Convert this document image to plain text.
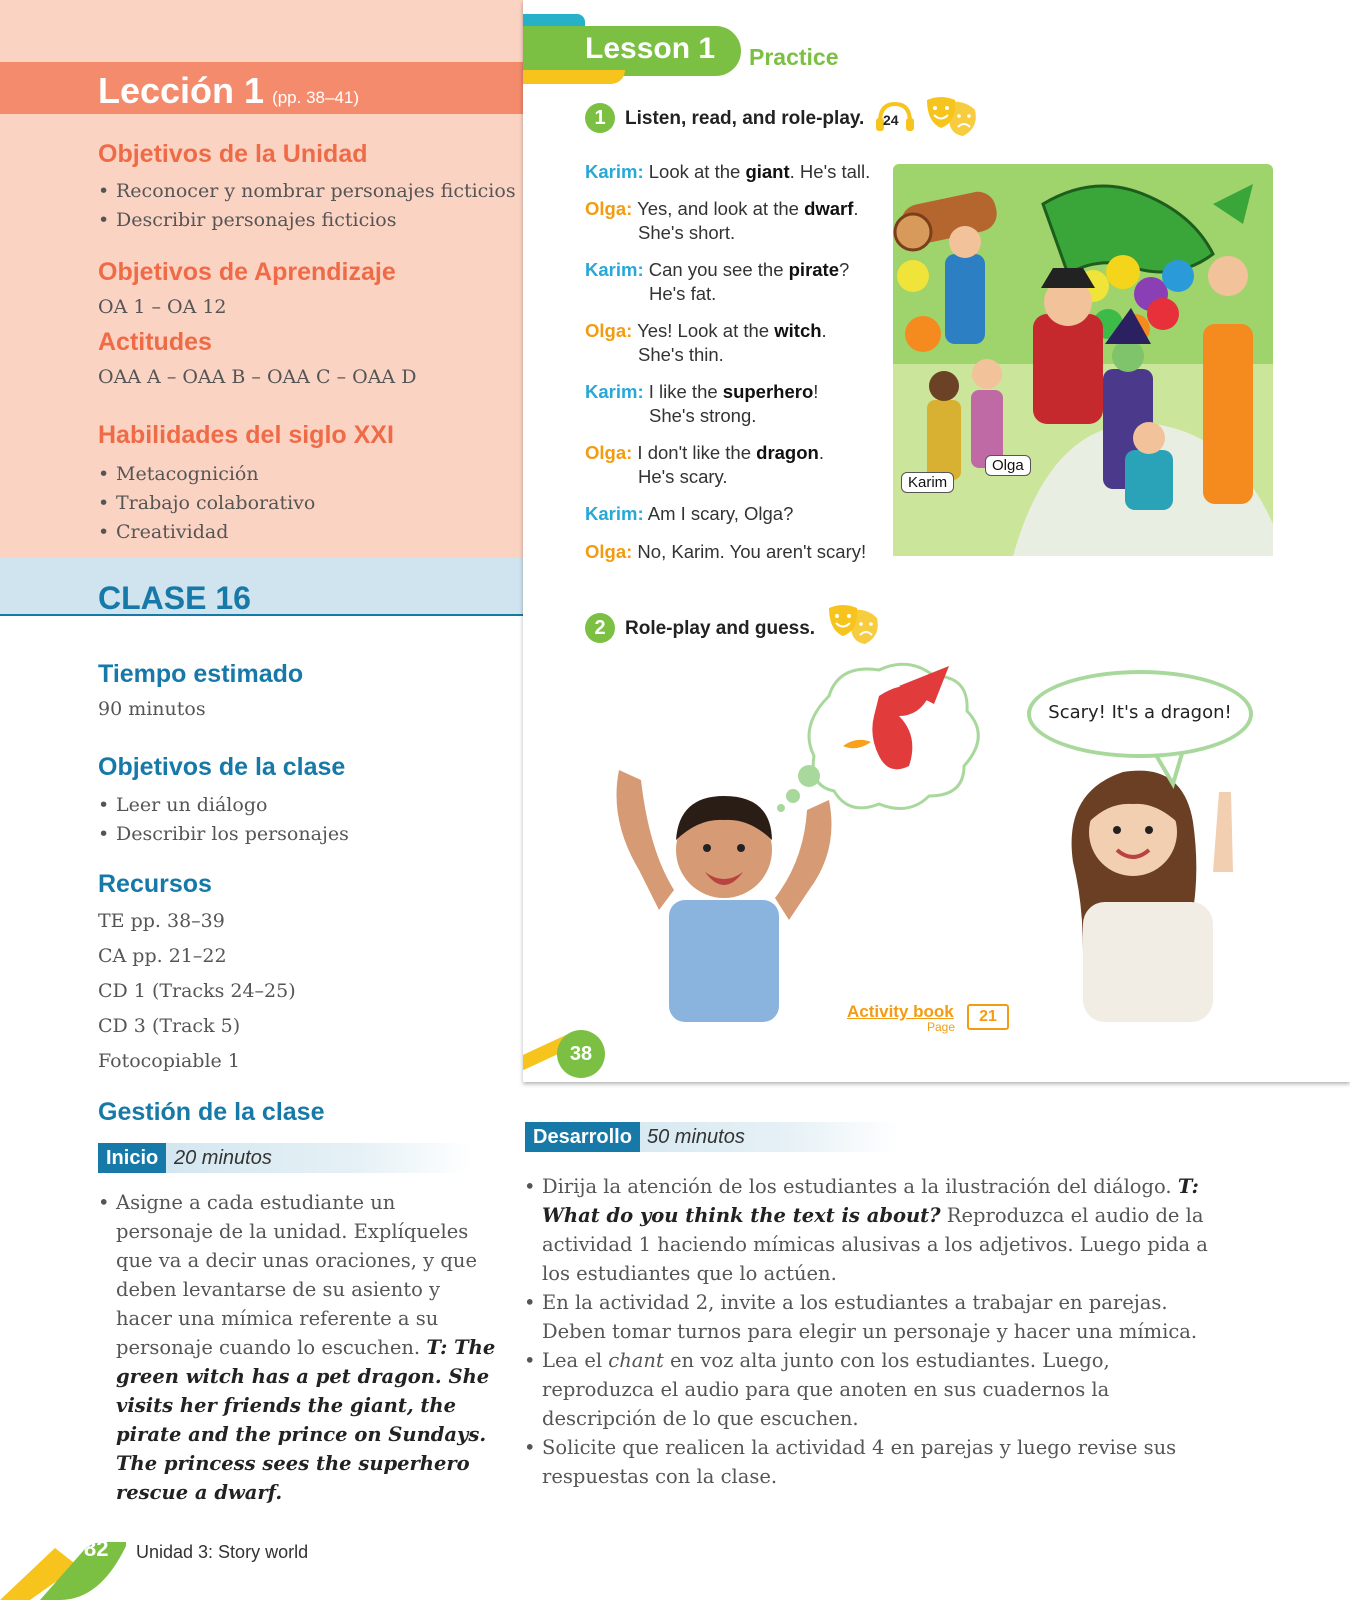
Lección 1 (pp. 38–41)
Objetivos de la Unidad
• Reconocer y nombrar personajes ficticios
• Describir personajes ficticios
Objetivos de Aprendizaje
OA 1 – OA 12
Actitudes
OAA A – OAA B – OAA C – OAA D
Habilidades del siglo XXI
• Metacognición
• Trabajo colaborativo
• Creatividad
CLASE 16
Tiempo estimado
90 minutos
Objetivos de la clase
• Leer un diálogo
• Describir los personajes
Recursos
TE pp. 38–39
CA pp. 21–22
CD 1 (Tracks 24–25)
CD 3 (Track 5)
Fotocopiable 1
Gestión de la clase
Inicio 20 minutos
• Asigne a cada estudiante un personaje de la unidad. Explíqueles que va a decir unas oraciones, y que deben levantarse de su asiento y hacer una mímica referente a su personaje cuando lo escuchen. T: The green witch has a pet dragon. She visits her friends the giant, the pirate and the prince on Sundays. The princess sees the superhero rescue a dwarf.
82 Unidad 3: Story world
Desarrollo 50 minutos
• Dirija la atención de los estudiantes a la ilustración del diálogo. T: What do you think the text is about? Reproduzca el audio de la actividad 1 haciendo mímicas alusivas a los adjetivos. Luego pida a los estudiantes que lo actúen.
• En la actividad 2, invite a los estudiantes a trabajar en parejas. Deben tomar turnos para elegir un personaje y hacer una mímica.
• Lea el chant en voz alta junto con los estudiantes. Luego, reproduzca el audio para que anoten en sus cuadernos la descripción de lo que escuchen.
• Solicite que realicen la actividad 4 en parejas y luego revise sus respuestas con la clase.
Lesson 1 Practice
1	Listen, read, and role-play. 24
Karim: Look at the giant. He's tall.
Olga: Yes, and look at the dwarf.
She's short.
Karim: Can you see the pirate?
He's fat.
Olga: Yes! Look at the witch.
She's thin.
Karim: I like the superhero!
She's strong.
Olga: I don't like the dragon.
He's scary.
Karim: Am I scary, Olga?
Olga: No, Karim. You aren't scary!
Karim
Olga
2	Role-play and guess.
Scary! It's a dragon!
Activity book
Page
21
38
